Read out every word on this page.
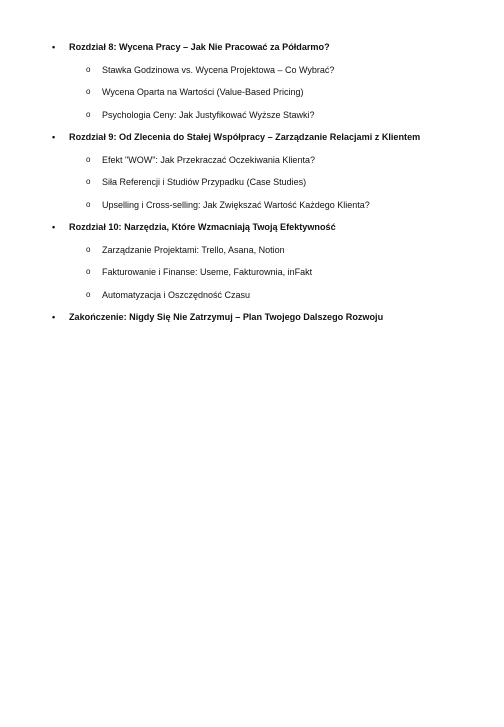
• Rozdział 8: Wycena Pracy – Jak Nie Pracować za Półdarmo?
o Stawka Godzinowa vs. Wycena Projektowa – Co Wybrać?
o Wycena Oparta na Wartości (Value-Based Pricing)
o Psychologia Ceny: Jak Justyfikować Wyższe Stawki?
• Rozdział 9: Od Zlecenia do Stałej Współpracy – Zarządzanie Relacjami z Klientem
o Efekt "WOW": Jak Przekraczać Oczekiwania Klienta?
o Siła Referencji i Studiów Przypadku (Case Studies)
o Upselling i Cross-selling: Jak Zwiększać Wartość Każdego Klienta?
• Rozdział 10: Narzędzia, Które Wzmacniają Twoją Efektywność
o Zarządzanie Projektami: Trello, Asana, Notion
o Fakturowanie i Finanse: Useme, Fakturownia, inFakt
o Automatyzacja i Oszczędność Czasu
• Zakończenie: Nigdy Się Nie Zatrzymuj – Plan Twojego Dalszego Rozwoju
